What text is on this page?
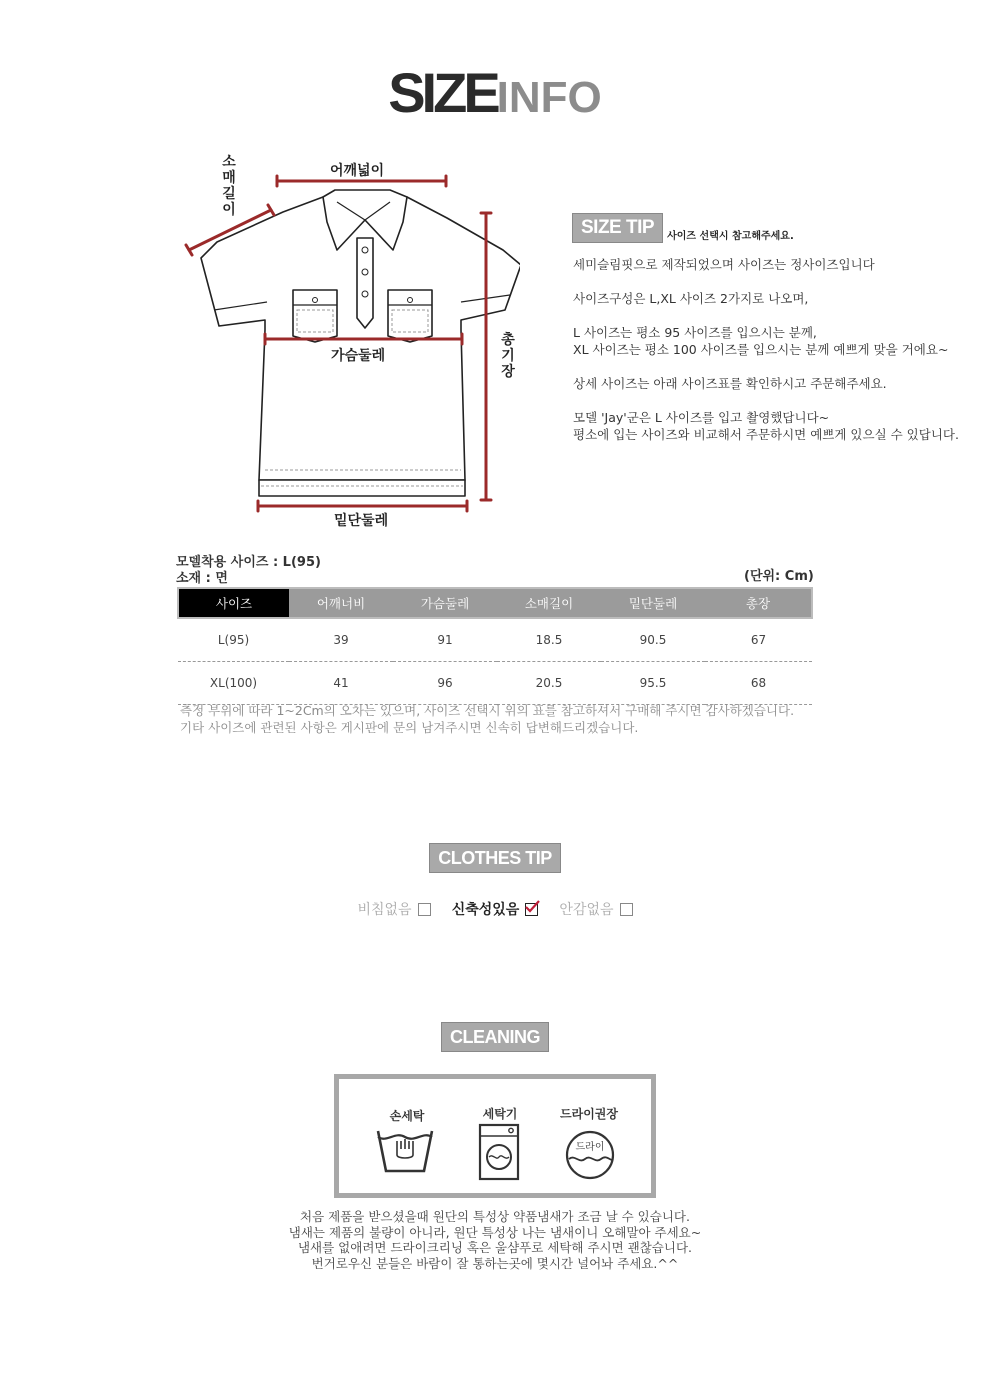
SIZEINFO
어깨넓이
소
매
길
이
가슴둘레
총
기
장
밑단둘레
SIZE TIP	사이즈 선택시 참고해주세요.
세미슬림핏으로 제작되었으며 사이즈는 정사이즈입니다
사이즈구성은 L,XL 사이즈 2가지로 나오며,
L 사이즈는 평소 95 사이즈를 입으시는 분께,
XL 사이즈는 평소 100 사이즈를 입으시는 분께 예쁘게 맞을 거에요~
상세 사이즈는 아래 사이즈표를 확인하시고 주문해주세요.
모델 'Jay'군은 L 사이즈를 입고 촬영했답니다~
평소에 입는 사이즈와 비교해서 주문하시면 예쁘게 있으실 수 있답니다.
모델착용 사이즈 : L(95)
소재 : 면	(단위: Cm)
사이즈	어깨너비	가슴둘레	소매길이	밑단둘레	총장
L(95)	39	91	18.5	90.5	67
XL(100)	41	96	20.5	95.5	68
측정 부위에 따라 1~2Cm의 오차는 있으며, 사이즈 선택시 위의 표를 참고하셔서 구매해 주시면 감사하겠습니다.
기타 사이즈에 관련된 사항은 게시판에 문의 남겨주시면 신속히 답변해드리겠습니다.
CLOTHES TIP
비침없음
	신축성있음
	안감없음
CLEANING
손세탁	세탁기	드라이권장
드라이
처음 제품을 받으셨을때 원단의 특성상 약품냄새가 조금 날 수 있습니다.
냄새는 제품의 불량이 아니라, 원단 특성상 나는 냄새이니 오해말아 주세요~
냄새를 없애려면 드라이크리닝 혹은 울샴푸로 세탁해 주시면 괜찮습니다.
번거로우신 분들은 바람이 잘 통하는곳에 몇시간 널어놔 주세요.^^
